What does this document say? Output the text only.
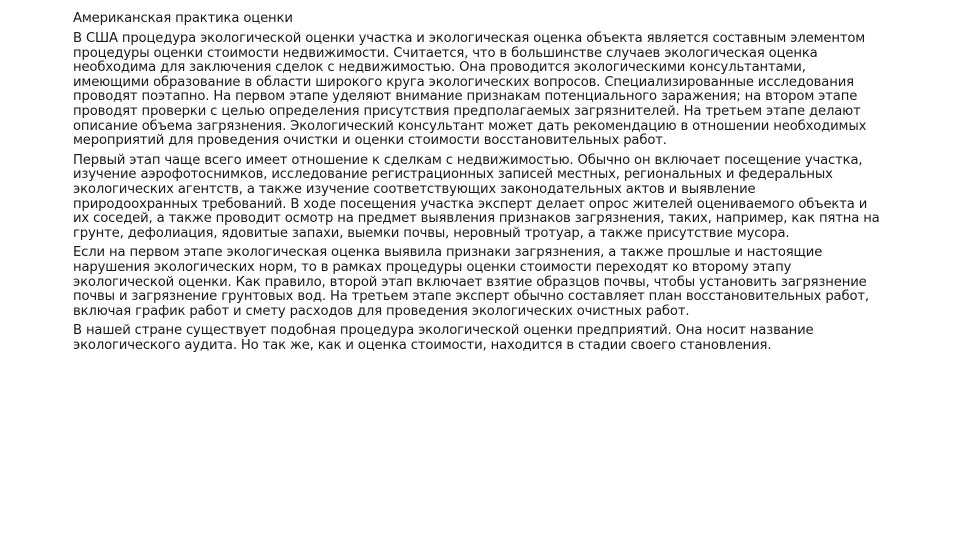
Американская практика оценки

В США процедура экологической оценки участка и экологическая оценка объекта является составным элементом процедуры оценки стоимости недвижимости. Считается, что в большинстве случаев экологическая оценка необходима для заключения сделок с недвижимостью. Она проводится экологическими консультантами, имеющими образование в области широкого круга экологических вопросов. Специализированные исследования проводят поэтапно. На первом этапе уделяют внимание признакам потенциального заражения; на втором этапе проводят проверки с целью определения присутствия предполагаемых загрязнителей. На третьем этапе делают описание объема загрязнения. Экологический консультант может дать рекомендацию в отношении необходимых мероприятий для проведения очистки и оценки стоимости восстановительных работ.

Первый этап чаще всего имеет отношение к сделкам с недвижимостью. Обычно он включает посещение участка, изучение аэрофотоснимков, исследование регистрационных записей местных, региональных и федеральных экологических агентств, а также изучение соответствующих законодательных актов и выявление природоохранных требований. В ходе посещения участка эксперт делает опрос жителей оцениваемого объекта и их соседей, а также проводит осмотр на предмет выявления признаков загрязнения, таких, например, как пятна на грунте, дефолиация, ядовитые запахи, выемки почвы, неровный тротуар, а также присутствие мусора.

Если на первом этапе экологическая оценка выявила признаки загрязнения, а также прошлые и настоящие нарушения экологических норм, то в рамках процедуры оценки стоимости переходят ко второму этапу экологической оценки. Как правило, второй этап включает взятие образцов почвы, чтобы установить загрязнение почвы и загрязнение грунтовых вод. На третьем этапе эксперт обычно составляет план восстановительных работ, включая график работ и смету расходов для проведения экологических очистных работ.

В нашей стране существует подобная процедура экологической оценки предприятий. Она носит название экологического аудита. Но так же, как и оценка стоимости, находится в стадии своего становления.
